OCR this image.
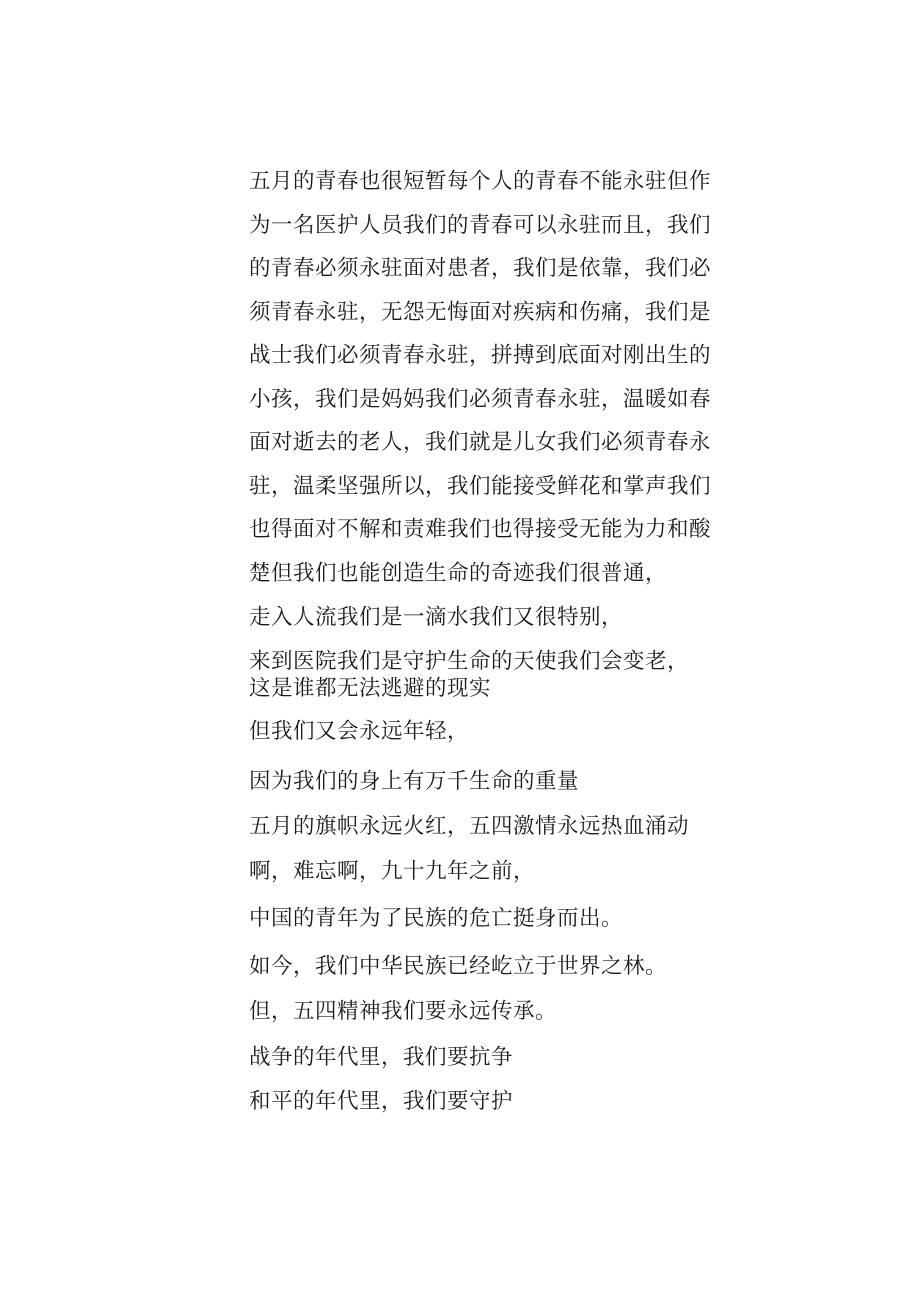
五月的青春也很短暂每个人的青春不能永驻但作
为一名医护人员我们的青春可以永驻而且，我们
的青春必须永驻面对患者，我们是依靠，我们必
须青春永驻，无怨无悔面对疾病和伤痛，我们是
战士我们必须青春永驻，拼搏到底面对刚出生的
小孩，我们是妈妈我们必须青春永驻，温暖如春
面对逝去的老人，我们就是儿女我们必须青春永
驻，温柔坚强所以，我们能接受鲜花和掌声我们
也得面对不解和责难我们也得接受无能为力和酸
楚但我们也能创造生命的奇迹我们很普通，
走入人流我们是一滴水我们又很特别，
来到医院我们是守护生命的天使我们会变老，
这是谁都无法逃避的现实
但我们又会永远年轻，
因为我们的身上有万千生命的重量
五月的旗帜永远火红，五四激情永远热血涌动
啊，难忘啊，九十九年之前，
中国的青年为了民族的危亡挺身而出。
如今，我们中华民族已经屹立于世界之林。
但，五四精神我们要永远传承。
战争的年代里，我们要抗争
和平的年代里，我们要守护
